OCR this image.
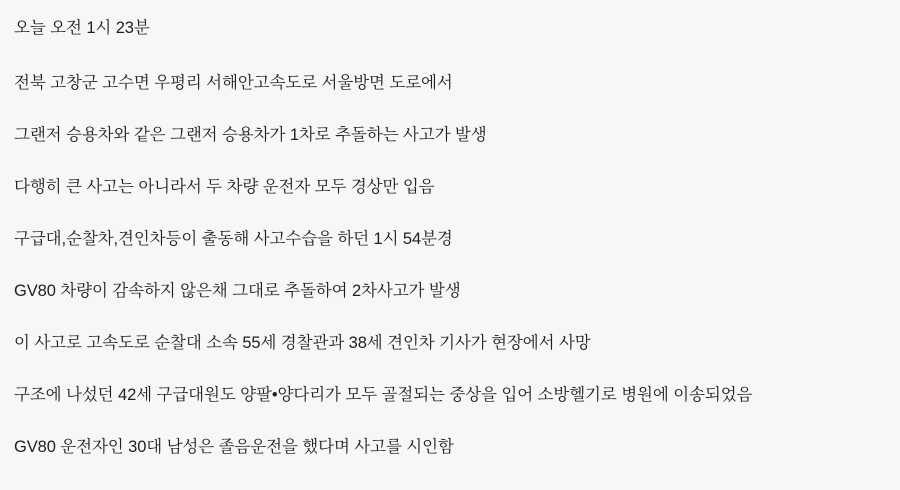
오늘 오전 1시 23분

전북 고창군 고수면 우평리 서해안고속도로 서울방면 도로에서

그랜저 승용차와 같은 그랜저 승용차가 1차로 추돌하는 사고가 발생

다행히 큰 사고는 아니라서 두 차량 운전자 모두 경상만 입음

구급대,순찰차,견인차등이 출동해 사고수습을 하던 1시 54분경

GV80 차량이 감속하지 않은채 그대로 추돌하여 2차사고가 발생

이 사고로 고속도로 순찰대 소속 55세 경찰관과 38세 견인차 기사가 현장에서 사망

구조에 나섰던 42세 구급대원도 양팔•양다리가 모두 골절되는 중상을 입어 소방헬기로 병원에 이송되었음

GV80 운전자인 30대 남성은 졸음운전을 했다며 사고를 시인함
